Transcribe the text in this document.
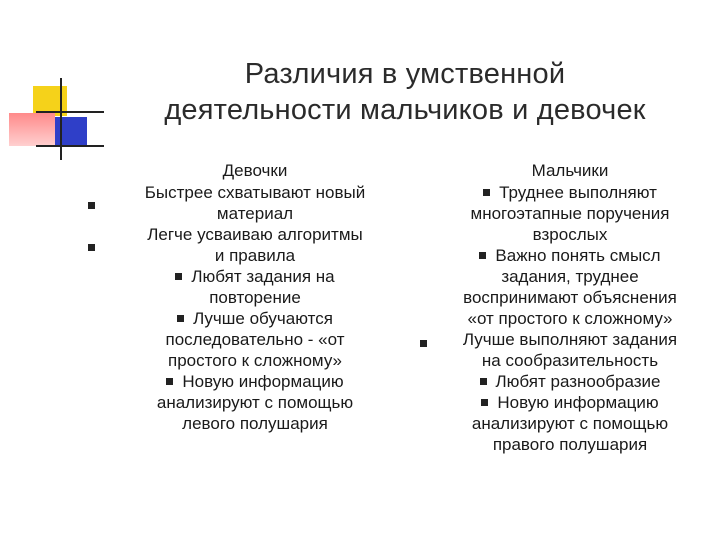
Различия в умственной
деятельности мальчиков и девочек
Девочки
Быстрее схватывают новый
материал
Легче усваиваю алгоритмы
и правила
Любят задания на
повторение
Лучше обучаются
последовательно - «от
простого к сложному»
Новую информацию
анализируют с помощью
левого полушария
Мальчики
Труднее выполняют
многоэтапные поручения
взрослых
Важно понять смысл
задания, труднее
воспринимают объяснения
«от простого к сложному»
Лучше выполняют задания
на сообразительность
Любят разнообразие
Новую информацию
анализируют с помощью
правого полушария
